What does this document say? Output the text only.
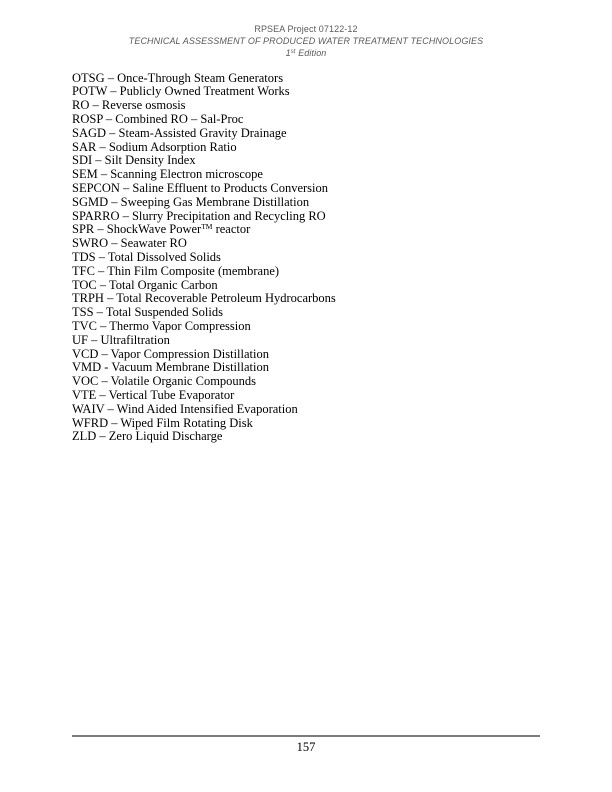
RPSEA Project 07122-12
TECHNICAL ASSESSMENT OF PRODUCED WATER TREATMENT TECHNOLOGIES
1st Edition
OTSG – Once-Through Steam Generators
POTW – Publicly Owned Treatment Works
RO – Reverse osmosis
ROSP – Combined RO – Sal-Proc
SAGD – Steam-Assisted Gravity Drainage
SAR – Sodium Adsorption Ratio
SDI – Silt Density Index
SEM – Scanning Electron microscope
SEPCON – Saline Effluent to Products Conversion
SGMD – Sweeping Gas Membrane Distillation
SPARRO – Slurry Precipitation and Recycling RO
SPR – ShockWave Power™ reactor
SWRO – Seawater RO
TDS – Total Dissolved Solids
TFC – Thin Film Composite (membrane)
TOC – Total Organic Carbon
TRPH – Total Recoverable Petroleum Hydrocarbons
TSS – Total Suspended Solids
TVC – Thermo Vapor Compression
UF – Ultrafiltration
VCD – Vapor Compression Distillation
VMD - Vacuum Membrane Distillation
VOC – Volatile Organic Compounds
VTE – Vertical Tube Evaporator
WAIV – Wind Aided Intensified Evaporation
WFRD – Wiped Film Rotating Disk
ZLD – Zero Liquid Discharge
157
